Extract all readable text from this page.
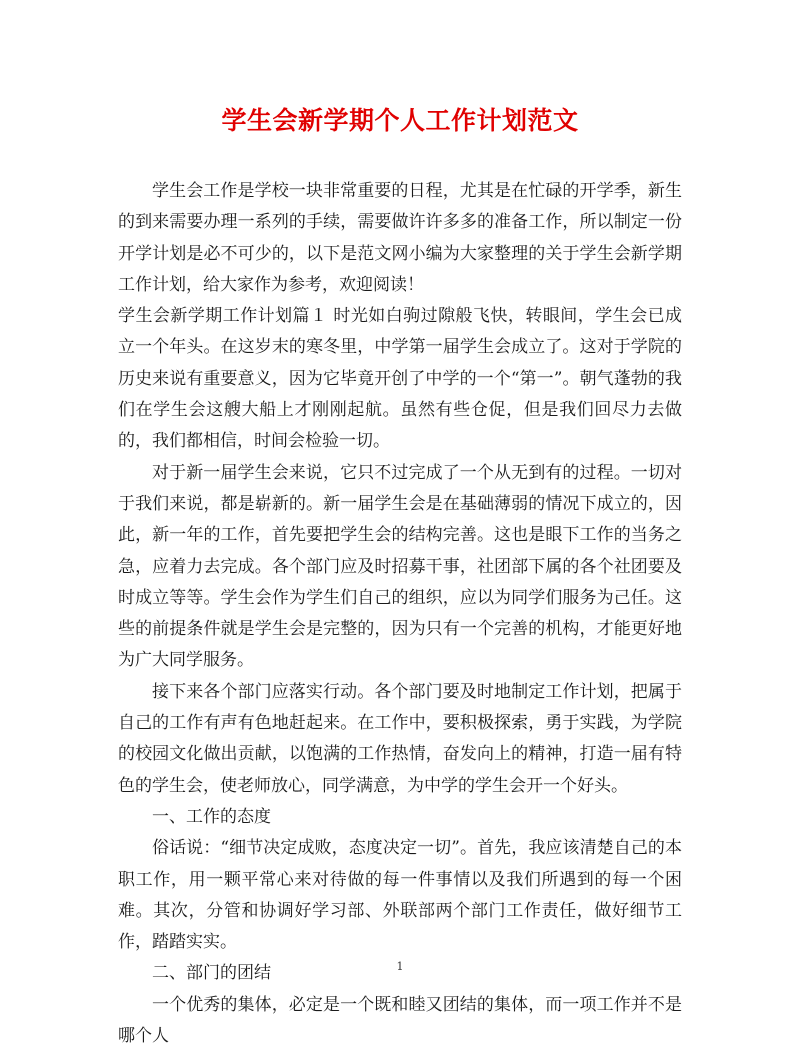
学生会新学期个人工作计划范文

学生会工作是学校一块非常重要的日程，尤其是在忙碌的开学季，新生的到来需要办理一系列的手续，需要做许许多多的准备工作，所以制定一份开学计划是必不可少的，以下是范文网小编为大家整理的关于学生会新学期工作计划，给大家作为参考，欢迎阅读！

学生会新学期工作计划篇１ 时光如白驹过隙般飞快，转眼间，学生会已成立一个年头。在这岁末的寒冬里，中学第一届学生会成立了。这对于学院的历史来说有重要意义，因为它毕竟开创了中学的一个“第一”。朝气蓬勃的我们在学生会这艘大船上才刚刚起航。虽然有些仓促，但是我们回尽力去做的，我们都相信，时间会检验一切。

对于新一届学生会来说，它只不过完成了一个从无到有的过程。一切对于我们来说，都是崭新的。新一届学生会是在基础薄弱的情况下成立的，因此，新一年的工作，首先要把学生会的结构完善。这也是眼下工作的当务之急，应着力去完成。各个部门应及时招募干事，社团部下属的各个社团要及时成立等等。学生会作为学生们自己的组织，应以为同学们服务为己任。这些的前提条件就是学生会是完整的，因为只有一个完善的机构，才能更好地为广大同学服务。

接下来各个部门应落实行动。各个部门要及时地制定工作计划，把属于自己的工作有声有色地赶起来。在工作中，要积极探索，勇于实践，为学院的校园文化做出贡献，以饱满的工作热情，奋发向上的精神，打造一届有特色的学生会，使老师放心，同学满意，为中学的学生会开一个好头。

一、工作的态度

俗话说：“细节决定成败，态度决定一切”。首先，我应该清楚自己的本职工作，用一颗平常心来对待做的每一件事情以及我们所遇到的每一个困难。其次，分管和协调好学习部、外联部两个部门工作责任，做好细节工作，踏踏实实。

二、部门的团结

一个优秀的集体，必定是一个既和睦又团结的集体，而一项工作并不是哪个人

1
